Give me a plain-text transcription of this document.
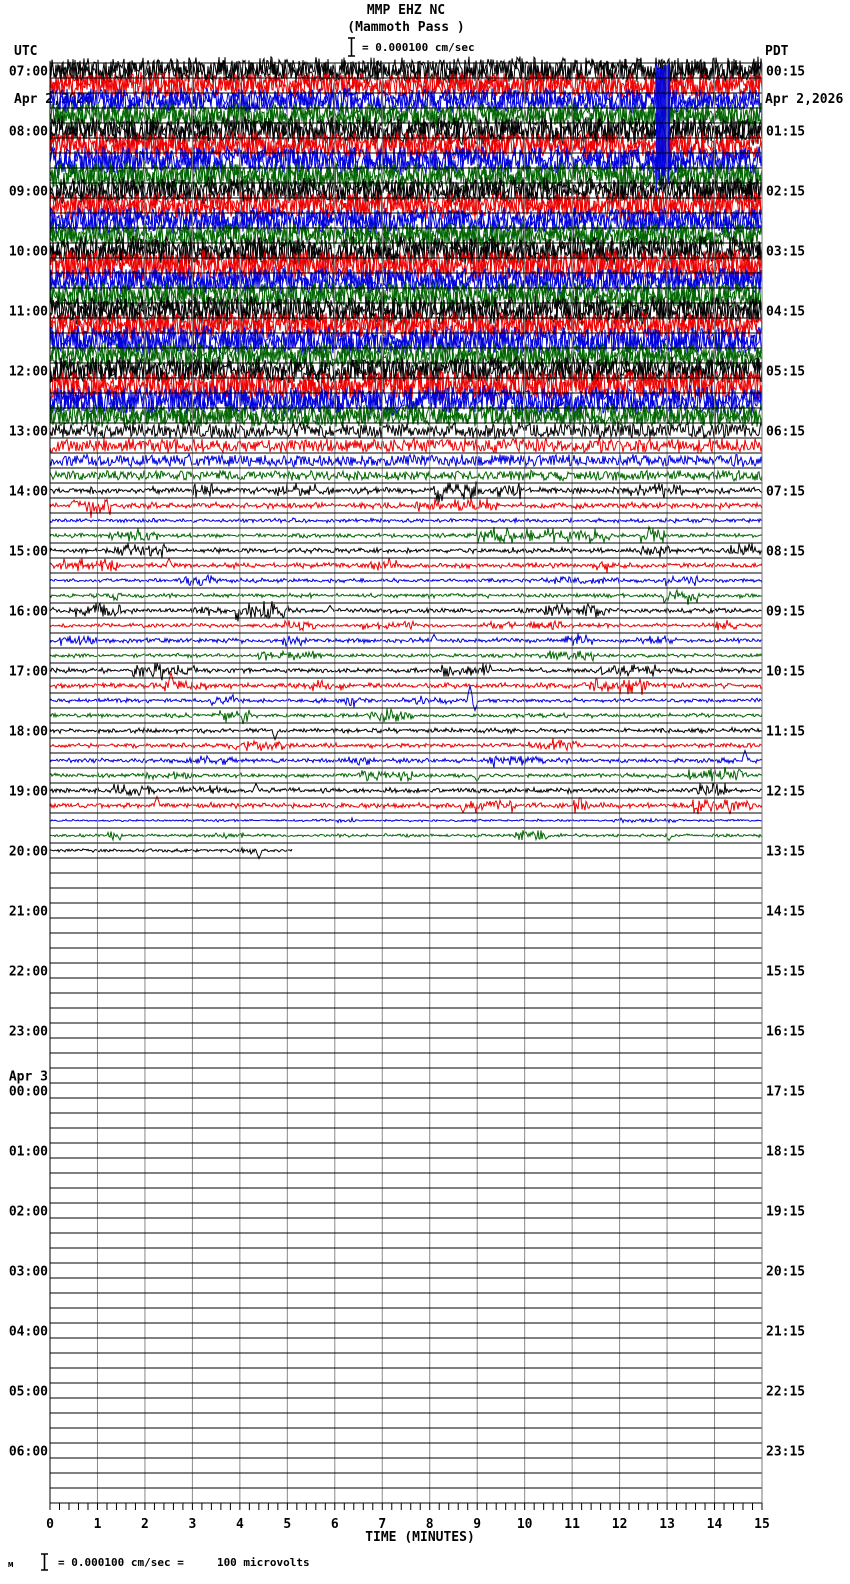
UTC

Apr 2,2026

MMP EHZ NC
(Mammoth Pass )

PDT

Apr 2,2026

= 0.000100 cm/sec
0	1	2	3	4	5	6	7	8	9	10 11 12 13 14 15
TIME (MINUTES)
07:00
08:00
09:00
10:00
11:00
12:00
13:00
14:00
15:00
16:00
17:00
18:00
19:00
20:00
21:00
22:00
23:00
Apr 3
00:00
01:00
02:00
03:00
04:00
05:00
06:00
00:15
01:15
02:15
03:15
04:15
05:15
06:15
07:15
08:15
09:15
10:15
11:15
12:15
13:15
14:15
15:15
16:15
17:15
18:15
19:15
20:15
21:15
22:15
23:15
м	= 0.000100 cm/sec =     100 microvolts
